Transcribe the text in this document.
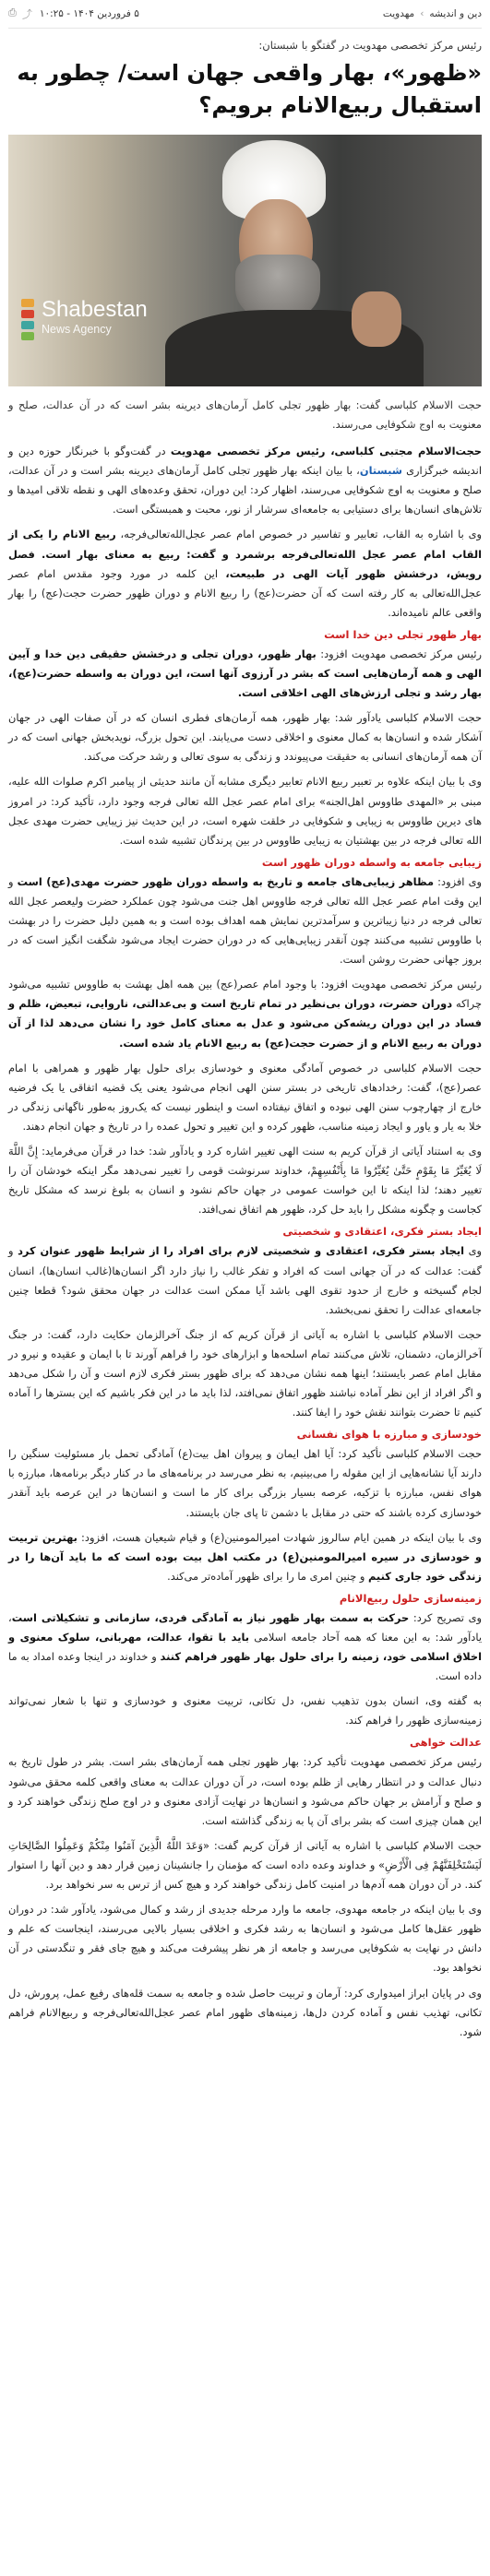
دین و اندیشه
›
مهدویت
۵ فروردین ۱۴۰۴ - ۱۰:۲۵
⤴
⎙
رئیس مرکز تخصصی مهدویت در گفتگو با شبستان:
«ظهور»، بهار واقعی جهان است/ چطور به استقبال ربیع‌الانام برویم؟
Shabestan
News Agency
حجت الاسلام کلباسی گفت: بهار ظهور تجلی کامل آرمان‌های دیرینه بشر است که در آن عدالت، صلح و معنویت به اوج شکوفایی می‌رسند.

حجت‌الاسلام مجتبی کلباسی، رئیس مرکز تخصصی مهدویت در گفت‌وگو با خبرنگار حوزه دین و اندیشه خبرگزاری شبستان، با بیان اینکه بهار ظهور تجلی کامل آرمان‌های دیرینه بشر است و در آن عدالت، صلح و معنویت به اوج شکوفایی می‌رسند، اظهار کرد: این دوران، تحقق وعده‌های الهی و نقطه تلاقی امیدها و تلاش‌های انسان‌ها برای دستیابی به جامعه‌ای سرشار از نور، محبت و همبستگی است.

وی با اشاره به القاب، تعابیر و تفاسیر در خصوص امام عصر عجل‌الله‌تعالی‌فرجه، ربیع الانام را یکی از القاب امام عصر عجل الله‌تعالی‌فرجه برشمرد و گفت: ربیع به معنای بهار است. فصل رویش، درخشش ظهور آیات الهی در طبیعت، این کلمه در مورد وجود مقدس امام عصر عجل‌الله‌تعالی به کار رفته است که آن حضرت(عج) را ربیع الانام و دوران ظهور حضرت حجت(عج) را بهار واقعی عالم نامیده‌اند.

بهار ظهور تجلی دین خدا است

رئیس مرکز تخصصی مهدویت افزود: بهار ظهور، دوران تجلی و درخشش حقیقی دین خدا و آیین الهی و همه آرمان‌هایی است که بشر در آرزوی آنها است، این دوران به واسطه حضرت(عج)، بهار رشد و تجلی ارزش‌های الهی اخلاقی است.

حجت الاسلام کلباسی یادآور شد: بهار ظهور، همه آرمان‌های فطری انسان که در آن صفات الهی در جهان آشکار شده و انسان‌ها به کمال معنوی و اخلاقی دست می‌یابند. این تحول بزرگ، نویدبخش جهانی است که در آن همه آرمان‌های انسانی به حقیقت می‌پیوندد و زندگی به سوی تعالی و رشد حرکت می‌کند.

وی با بیان اینکه علاوه بر تعبیر ربیع الانام تعابیر دیگری مشابه آن مانند حدیثی از پیامبر اکرم صلوات الله علیه، مبنی بر «المهدی طاووس اهل‌الجنه» برای امام عصر عجل الله تعالی فرجه وجود دارد، تأکید کرد: در امروز های دیرین طاووس به زیبایی و شکوفایی در خلقت شهره است، در این حدیث نیز زیبایی حضرت مهدی عجل الله تعالی فرجه در بین بهشتیان به زیبایی طاووس در بین پرندگان تشبیه شده است.

زیبایی جامعه به واسطه دوران ظهور است

وی افزود: مظاهر زیبایی‌های جامعه و تاریخ به واسطه دوران ظهور حضرت مهدی(عج) است و این وقت امام عصر عجل الله تعالی فرجه طاووس اهل جنت می‌شود چون عملکرد حضرت ولیعصر عجل الله تعالی فرجه در دنیا زیباترین و سرآمدترین نمایش همه اهداف بوده است و به همین دلیل حضرت را در بهشت با طاووس تشبیه می‌کنند چون آنقدر زیبایی‌هایی که در دوران حضرت ایجاد می‌شود شگفت انگیز است که در بروز جهانی حضرت روشن است.

رئیس مرکز تخصصی مهدویت افزود: با وجود امام عصر(عج) بین همه اهل بهشت به طاووس تشبیه می‌شود چراکه دوران حضرت، دوران بی‌نظیر در تمام تاریخ است و بی‌عدالتی، ناروایی، تبعیض، ظلم و فساد در این دوران ریشه‌کن می‌شود و عدل به معنای کامل خود را نشان می‌دهد لذا از آن دوران به ربیع الانام و از حضرت حجت(عج) به ربیع الانام یاد شده است.

حجت الاسلام کلباسی در خصوص آمادگی معنوی و خودسازی برای حلول بهار ظهور و همراهی با امام عصر(عج)، گفت: رخدادهای تاریخی در بستر سنن الهی انجام می‌شود یعنی یک قضیه اتفاقی یا یک فرضیه خارج از چهارچوب سنن الهی نبوده و اتفاق نیفتاده است و اینطور نیست که یک‌روز به‌طور ناگهانی زندگی در خلا به یار و یاور و ایجاد زمینه مناسب، ظهور کرده و این تغییر و تحول عمده را در تاریخ و جهان انجام دهند.

وی به استناد آیاتی از قرآن کریم به سنت الهی تغییر اشاره کرد و یادآور شد: خدا در قرآن می‌فرماید: إِنَّ اللَّهَ لَا یُغَیِّرُ مَا بِقَوْمٍ حَتَّىٰ یُغَیِّرُوا مَا بِأَنْفُسِهِمْ، خداوند سرنوشت قومی را تغییر نمی‌دهد مگر اینکه خودشان آن را تغییر دهند؛ لذا اینکه تا این خواست عمومی در جهان حاکم نشود و انسان به بلوغ نرسد که مشکل تاریخ کجاست و چگونه مشکل را باید حل کرد، ظهور هم اتفاق نمی‌افتد.

ایجاد بستر فکری، اعتقادی و شخصیتی

وی ایجاد بستر فکری، اعتقادی و شخصیتی لازم برای افراد را از شرایط ظهور عنوان کرد و گفت: عدالت که در آن جهانی است که افراد و تفکر غالب را نیاز دارد اگر انسان‌ها(غالب انسان‌ها)، انسان لجام گسیخته و خارج از حدود تقوی الهی باشد آیا ممکن است عدالت در جهان محقق شود؟ قطعا چنین جامعه‌ای عدالت را تحقق نمی‌بخشد.

حجت الاسلام کلباسی با اشاره به آیاتی از قرآن کریم که از جنگ آخرالزمان حکایت دارد، گفت: در جنگ آخرالزمان، دشمنان، تلاش می‌کنند تمام اسلحه‌ها و ابزارهای خود را فراهم آورند تا با ایمان و عقیده و نیرو در مقابل امام عصر بایستند؛ اینها همه نشان می‌دهد که برای ظهور بستر فکری لازم است و آن را شکل می‌دهد و اگر افراد از این نظر آماده نباشند ظهور اتفاق نمی‌افتد، لذا باید ما در این فکر باشیم که این بسترها را آماده کنیم تا حضرت بتوانند نقش خود را ایفا کنند.

خودسازی و مبارزه با هوای نفسانی

حجت الاسلام کلباسی تأکید کرد: آیا اهل ایمان و پیروان اهل بیت(ع) آمادگی تحمل بار مسئولیت سنگین را دارند آیا نشانه‌هایی از این مقوله را می‌بینیم، به نظر می‌رسد در برنامه‌های ما در کنار دیگر برنامه‌ها، مبارزه با هوای نفس، مبارزه با تزکیه، عرصه بسیار بزرگی برای کار ما است و انسان‌ها در این عرصه باید آنقدر خودسازی کرده باشند که حتی در مقابل با دشمن تا پای جان بایستند.

وی با بیان اینکه در همین ایام سالروز شهادت امیرالمومنین(ع) و قیام شیعیان هست، افزود: بهترین تربیت و خودسازی در سیره امیرالمومنین(ع) در مکتب اهل بیت بوده است که ما باید آن‌ها را در زندگی خود جاری کنیم و چنین امری ما را برای ظهور آماده‌تر می‌کند.

زمینه‌سازی حلول ربیع‌الانام

وی تصریح کرد: حرکت به سمت بهار ظهور نیاز به آمادگی فردی، سازمانی و تشکیلاتی است، یادآور شد: به این معنا که همه آحاد جامعه اسلامی باید با تقوا، عدالت، مهربانی، سلوک معنوی و اخلاق اسلامی خود، زمینه را برای حلول بهار ظهور فراهم کنند و خداوند در اینجا وعده امداد به ما داده است.

به گفته وی، انسان بدون تذهیب نفس، دل تکانی، تربیت معنوی و خودسازی و تنها با شعار نمی‌تواند زمینه‌سازی ظهور را فراهم کند.

عدالت خواهی

رئیس مرکز تخصصی مهدویت تأکید کرد: بهار ظهور تجلی همه آرمان‌های بشر است. بشر در طول تاریخ به دنبال عدالت و در انتظار رهایی از ظلم بوده است، در آن دوران عدالت به معنای واقعی کلمه محقق می‌شود و صلح و آرامش بر جهان حاکم می‌شود و انسان‌ها در نهایت آزادی معنوی و در اوج صلح زندگی خواهند کرد و این همان چیزی است که بشر برای آن پا به زندگی گذاشته است.

حجت الاسلام کلباسی با اشاره به آیاتی از قرآن کریم گفت: «وَعَدَ اللَّهُ الَّذِینَ آمَنُوا مِنْکُمْ وَعَمِلُوا الصَّالِحَاتِ لَیَسْتَخْلِفَنَّهُمْ فِی الْأَرْضِ» و خداوند وعده داده است که مؤمنان را جانشینان زمین قرار دهد و دین آنها را استوار کند. در آن دوران همه آدم‌ها در امنیت کامل زندگی خواهند کرد و هیچ کس از ترس به سر نخواهد برد.

وی با بیان اینکه در جامعه مهدوی، جامعه ما وارد مرحله جدیدی از رشد و کمال می‌شود، یادآور شد: در دوران ظهور عقل‌ها کامل می‌شود و انسان‌ها به رشد فکری و اخلاقی بسیار بالایی می‌رسند، اینجاست که علم و دانش در نهایت به شکوفایی می‌رسد و جامعه از هر نظر پیشرفت می‌کند و هیچ جای فقر و تنگدستی در آن نخواهد بود.

وی در پایان ابراز امیدواری کرد: آرمان و تربیت حاصل شده و جامعه به سمت قله‌های رفیع عمل، پرورش، دل تکانی، تهذیب نفس و آماده کردن دل‌ها، زمینه‌های ظهور امام عصر عجل‌الله‌تعالی‌فرجه و ربیع‌الانام فراهم شود.
